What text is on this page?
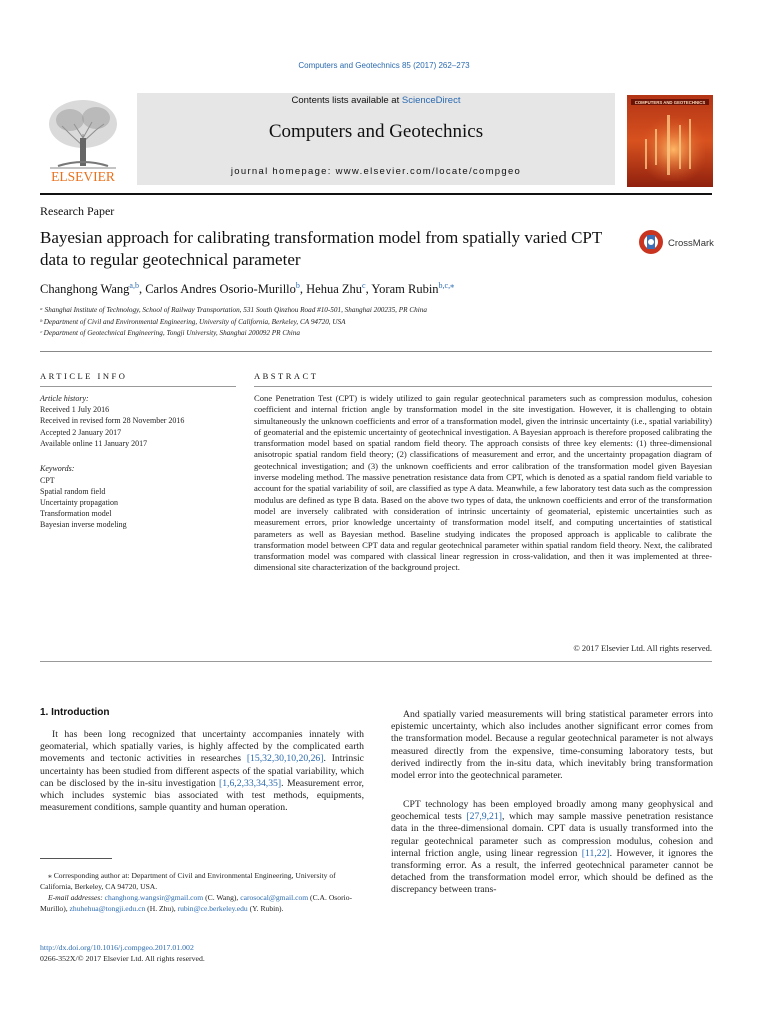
Computers and Geotechnics 85 (2017) 262–273
ELSEVIER
Contents lists available at ScienceDirect
Computers and Geotechnics
journal homepage: www.elsevier.com/locate/compgeo
COMPUTERS AND GEOTECHNICS
Research Paper
Bayesian approach for calibrating transformation model from spatially varied CPT data to regular geotechnical parameter
CrossMark
Changhong Wang$^{a,b}$, Carlos Andres Osorio-Murillo$^b$, Hehua Zhu$^c$, Yoram Rubin$^{b,c,⁎}$
ᵃ Shanghai Institute of Technology, School of Railway Transportation, 531 South Qinzhou Road #10-501, Shanghai 200235, PR China
ᵇ Department of Civil and Environmental Engineering, University of California, Berkeley, CA 94720, USA
ᶜ Department of Geotechnical Engineering, Tongji University, Shanghai 200092 PR China
ARTICLE INFO
Article history:
Received 1 July 2016
Received in revised form 28 November 2016
Accepted 2 January 2017
Available online 11 January 2017
Keywords:
CPT
Spatial random field
Uncertainty propagation
Transformation model
Bayesian inverse modeling
ABSTRACT
Cone Penetration Test (CPT) is widely utilized to gain regular geotechnical parameters such as compression modulus, cohesion coefficient and internal friction angle by transformation model in the site investigation. However, it is challenging to obtain simultaneously the unknown coefficients and error of a transformation model, given the intrinsic uncertainty (i.e., spatial variability) of geomaterial and the epistemic uncertainty of geotechnical investigation. A Bayesian approach is therefore proposed calibrating the transformation model based on spatial random field theory. The approach consists of three key elements: (1) three-dimensional anisotropic spatial random field theory; (2) classifications of measurement and error, and the uncertainty propagation diagram of geotechnical investigation; and (3) the unknown coefficients and error calibration of the transformation model given Bayesian inverse modeling method. The massive penetration resistance data from CPT, which is denoted as a spatial random field variable to account for the spatial variability of soil, are classified as type A data. Meanwhile, a few laboratory test data such as the compression modulus are defined as type B data. Based on the above two types of data, the unknown coefficients and error of the transformation model are inversely calibrated with consideration of intrinsic uncertainty of geomaterial, epistemic uncertainties such as measurement errors, prior knowledge uncertainty of transformation model itself, and computing uncertainties of statistical parameters as well as Bayesian method. Baseline studying indicates the proposed approach is applicable to calibrate the transformation model between CPT data and regular geotechnical parameter within spatial random field theory. Next, the calibrated transformation model was compared with classical linear regression in cross-validation, and then it was implemented at three-dimensional site characterization of the background project.
© 2017 Elsevier Ltd. All rights reserved.
1. Introduction
It has been long recognized that uncertainty accompanies innately with geomaterial, which spatially varies, is highly affected by the complicated earth movements and tectonic activities in researches [15,32,30,10,20,26]. Intrinsic uncertainty has been studied from different aspects of the spatial variability, which can be disclosed by the in-situ investigation [1,6,2,33,34,35]. Measurement error, which includes systemic bias associated with test methods, equipments, measurement conditions, sample quantity and human operation.
And spatially varied measurements will bring statistical parameter errors into epistemic uncertainty, which also includes another significant error comes from the transformation model. Because a regular geotechnical parameter is not always measured directly from the expensive, time-consuming laboratory tests, but derived indirectly from the in-situ data, which inevitably bring transformation model error into the geotechnical parameter.
CPT technology has been employed broadly among many geophysical and geochemical tests [27,9,21], which may sample massive penetration resistance data in the three-dimensional domain. CPT data is usually transformed into the regular geotechnical parameter such as compression modulus, cohesion and internal friction angle, using linear regression [11,22]. However, it ignores the transforming error. As a result, the inferred geotechnical parameter cannot be detached from the transformation model error, which should be defined as the discrepancy between trans-
⁎ Corresponding author at: Department of Civil and Environmental Engineering, University of California, Berkeley, CA 94720, USA.
E-mail addresses: changhong.wangsir@gmail.com (C. Wang), carosocal@gmail.com (C.A. Osorio-Murillo), zhuhehua@tongji.edu.cn (H. Zhu), rubin@ce.berkeley.edu (Y. Rubin).
http://dx.doi.org/10.1016/j.compgeo.2017.01.002
0266-352X/© 2017 Elsevier Ltd. All rights reserved.
